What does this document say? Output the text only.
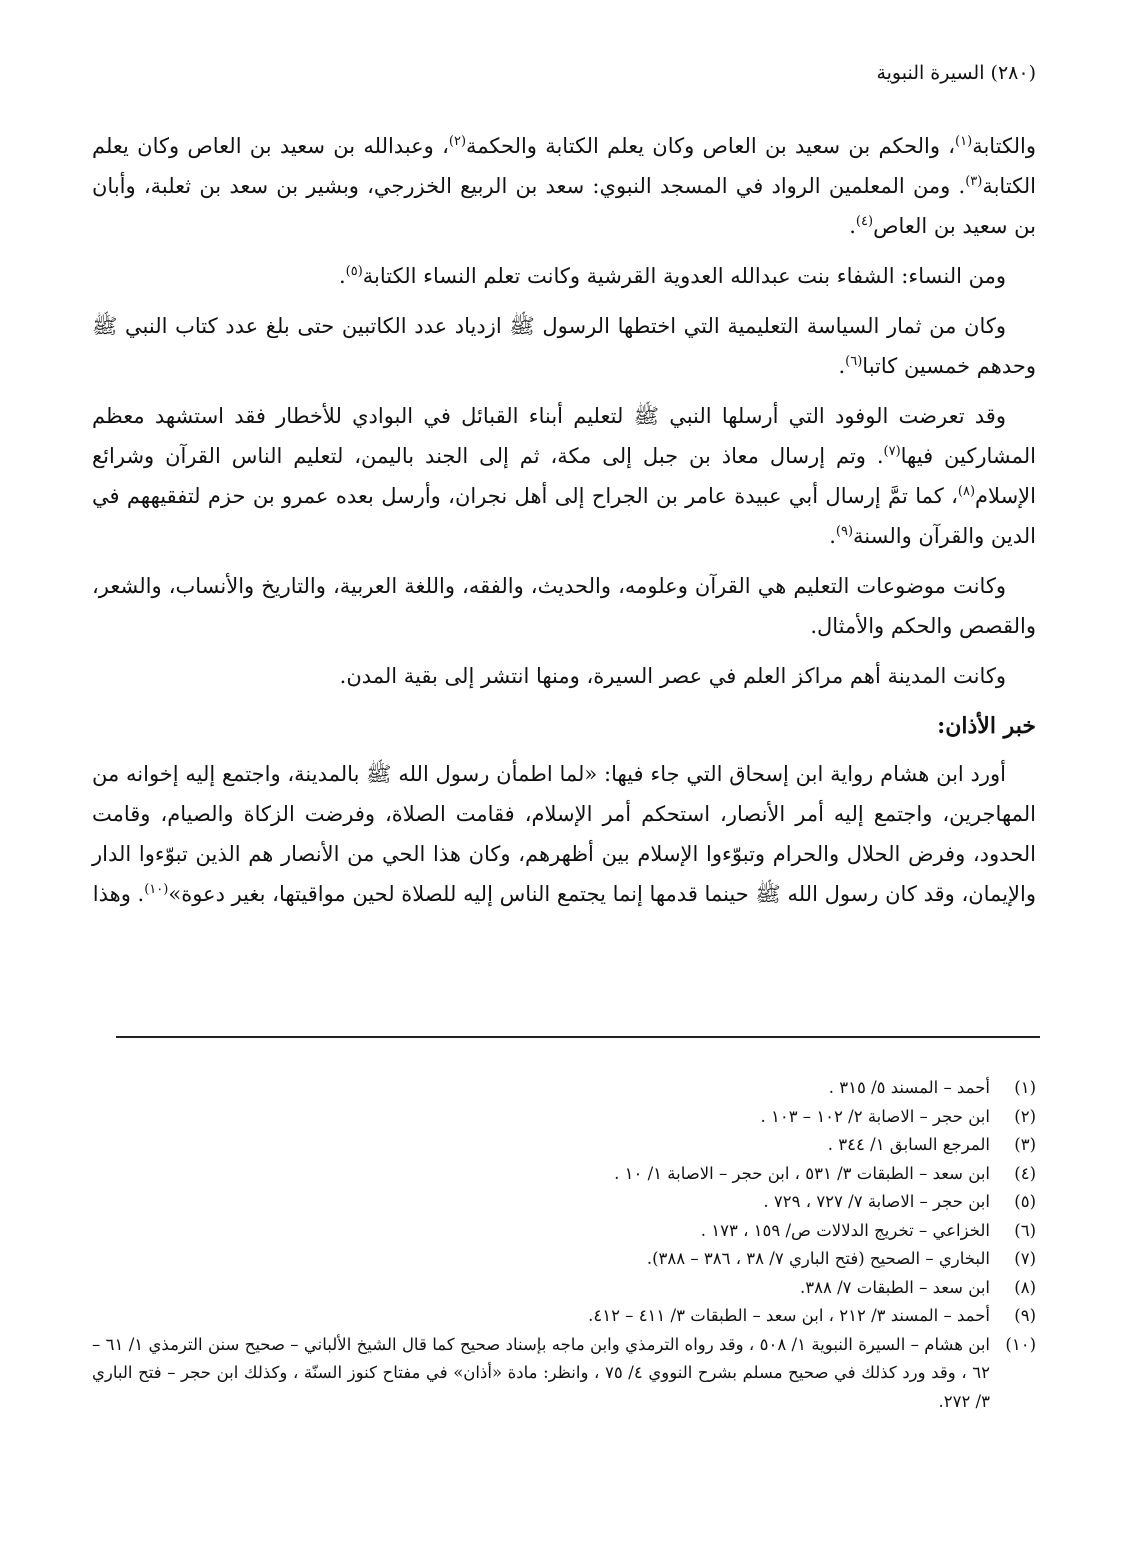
(٢٨٠) السيرة النبوية

والكتابة$^{(١)}$، والحكم بن سعيد بن العاص وكان يعلم الكتابة والحكمة$^{(٢)}$، وعبدالله بن سعيد بن العاص وكان يعلم الكتابة$^{(٣)}$. ومن المعلمين الرواد في المسجد النبوي: سعد بن الربيع الخزرجي، وبشير بن سعد بن ثعلبة، وأبان بن سعيد بن العاص$^{(٤)}$.

ومن النساء: الشفاء بنت عبدالله العدوية القرشية وكانت تعلم النساء الكتابة$^{(٥)}$.

وكان من ثمار السياسة التعليمية التي اختطها الرسول ﷺ ازدياد عدد الكاتبين حتى بلغ عدد كتاب النبي ﷺ وحدهم خمسين كاتبا$^{(٦)}$.

وقد تعرضت الوفود التي أرسلها النبي ﷺ لتعليم أبناء القبائل في البوادي للأخطار فقد استشهد معظم المشاركين فيها$^{(٧)}$. وتم إرسال معاذ بن جبل إلى مكة، ثم إلى الجند باليمن، لتعليم الناس القرآن وشرائع الإسلام$^{(٨)}$، كما تمَّ إرسال أبي عبيدة عامر بن الجراح إلى أهل نجران، وأرسل بعده عمرو بن حزم لتفقيههم في الدين والقرآن والسنة$^{(٩)}$.

وكانت موضوعات التعليم هي القرآن وعلومه، والحديث، والفقه، واللغة العربية، والتاريخ والأنساب، والشعر، والقصص والحكم والأمثال.

وكانت المدينة أهم مراكز العلم في عصر السيرة، ومنها انتشر إلى بقية المدن.

خبر الأذان:

أورد ابن هشام رواية ابن إسحاق التي جاء فيها: «لما اطمأن رسول الله ﷺ بالمدينة، واجتمع إليه إخوانه من المهاجرين، واجتمع إليه أمر الأنصار، استحكم أمر الإسلام، فقامت الصلاة، وفرضت الزكاة والصيام، وقامت الحدود، وفرض الحلال والحرام وتبوّءوا الإسلام بين أظهرهم، وكان هذا الحي من الأنصار هم الذين تبوّءوا الدار والإيمان، وقد كان رسول الله ﷺ حينما قدمها إنما يجتمع الناس إليه للصلاة لحين مواقيتها، بغير دعوة»$^{(١٠)}$. وهذا

(١)
أحمد – المسند ٥/ ٣١٥ .
(٢)
ابن حجر – الاصابة ٢/ ١٠٢ – ١٠٣ .
(٣)
المرجع السابق ١/ ٣٤٤ .
(٤)
ابن سعد – الطبقات ٣/ ٥٣١ ، ابن حجر – الاصابة ١/ ١٠ .
(٥)
ابن حجر – الاصابة ٧/ ٧٢٧ ، ٧٢٩ .
(٦)
الخزاعي – تخريج الدلالات ص/ ١٥٩ ، ١٧٣ .
(٧)
البخاري – الصحيح (فتح الباري ٧/ ٣٨ ، ٣٨٦ – ٣٨٨).
(٨)
ابن سعد – الطبقات ٧/ ٣٨٨.
(٩)
أحمد – المسند ٣/ ٢١٢ ، ابن سعد – الطبقات ٣/ ٤١١ – ٤١٢.
(١٠)
ابن هشام – السيرة النبوية ١/ ٥٠٨ ، وقد رواه الترمذي وابن ماجه بإسناد صحيح كما قال الشيخ الألباني – صحيح سنن الترمذي ١/ ٦١ – ٦٢ ، وقد ورد كذلك في صحيح مسلم بشرح النووي ٤/ ٧٥ ، وانظر: مادة «أذان» في مفتاح كنوز السنّة ، وكذلك ابن حجر – فتح الباري ٣/ ٢٧٢.
